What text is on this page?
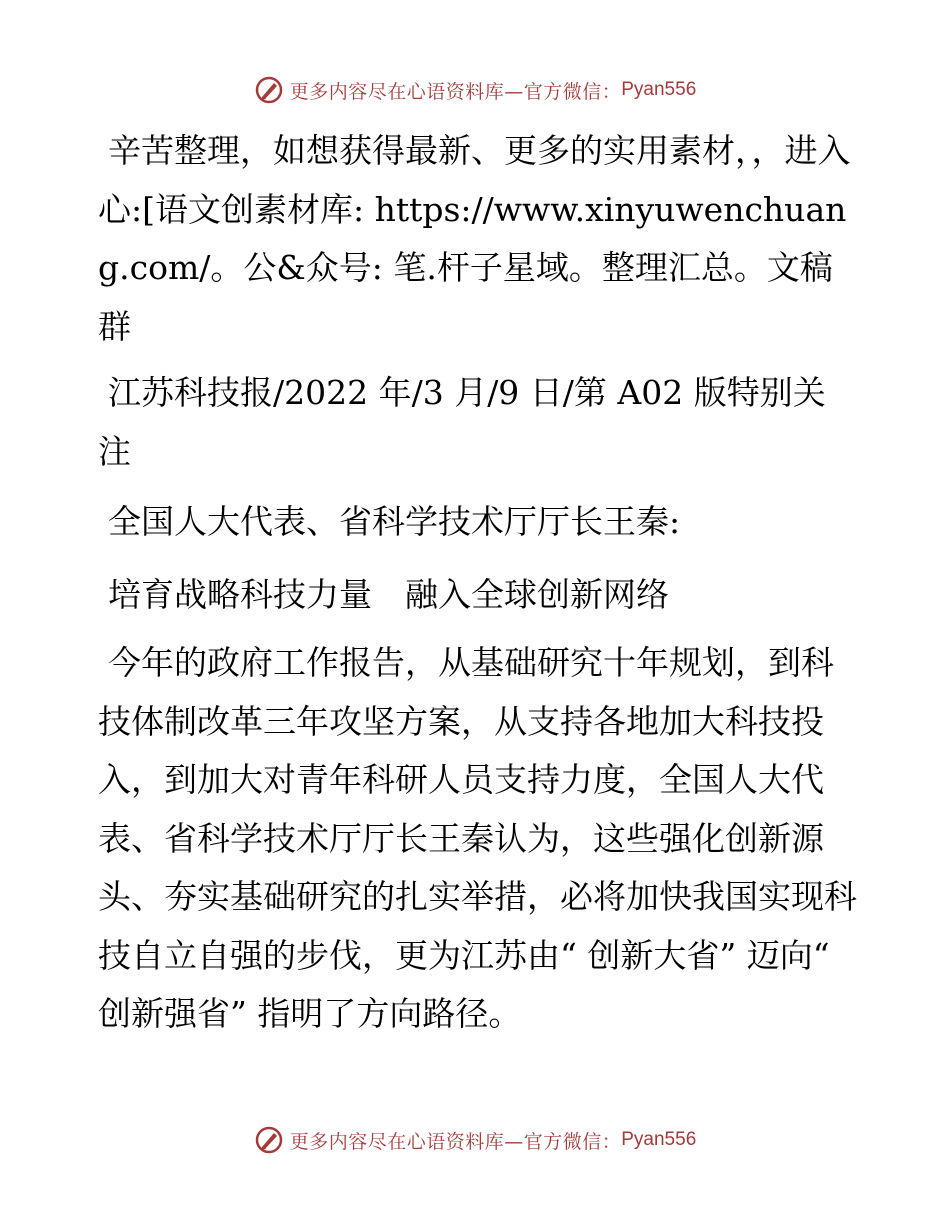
更多内容尽在心语资料库—官方微信： Pyan556

辛苦整理，如想获得最新、更多的实用素材，，进入心:[语文创素材库: https://www.xinyuwenchuang.com/。公&众号: 笔.杆子星域。整理汇总。文稿群

江苏科技报/2022 年/3 月/9 日/第 A02 版特别关注

全国人大代表、省科学技术厅厅长王秦:

培育战略科技力量　融入全球创新网络

今年的政府工作报告，从基础研究十年规划，到科技体制改革三年攻坚方案，从支持各地加大科技投入，到加大对青年科研人员支持力度，全国人大代表、省科学技术厅厅长王秦认为，这些强化创新源头、夯实基础研究的扎实举措，必将加快我国实现科技自立自强的步伐，更为江苏由“ 创新大省” 迈向“ 创新强省” 指明了方向路径。

更多内容尽在心语资料库—官方微信： Pyan556
